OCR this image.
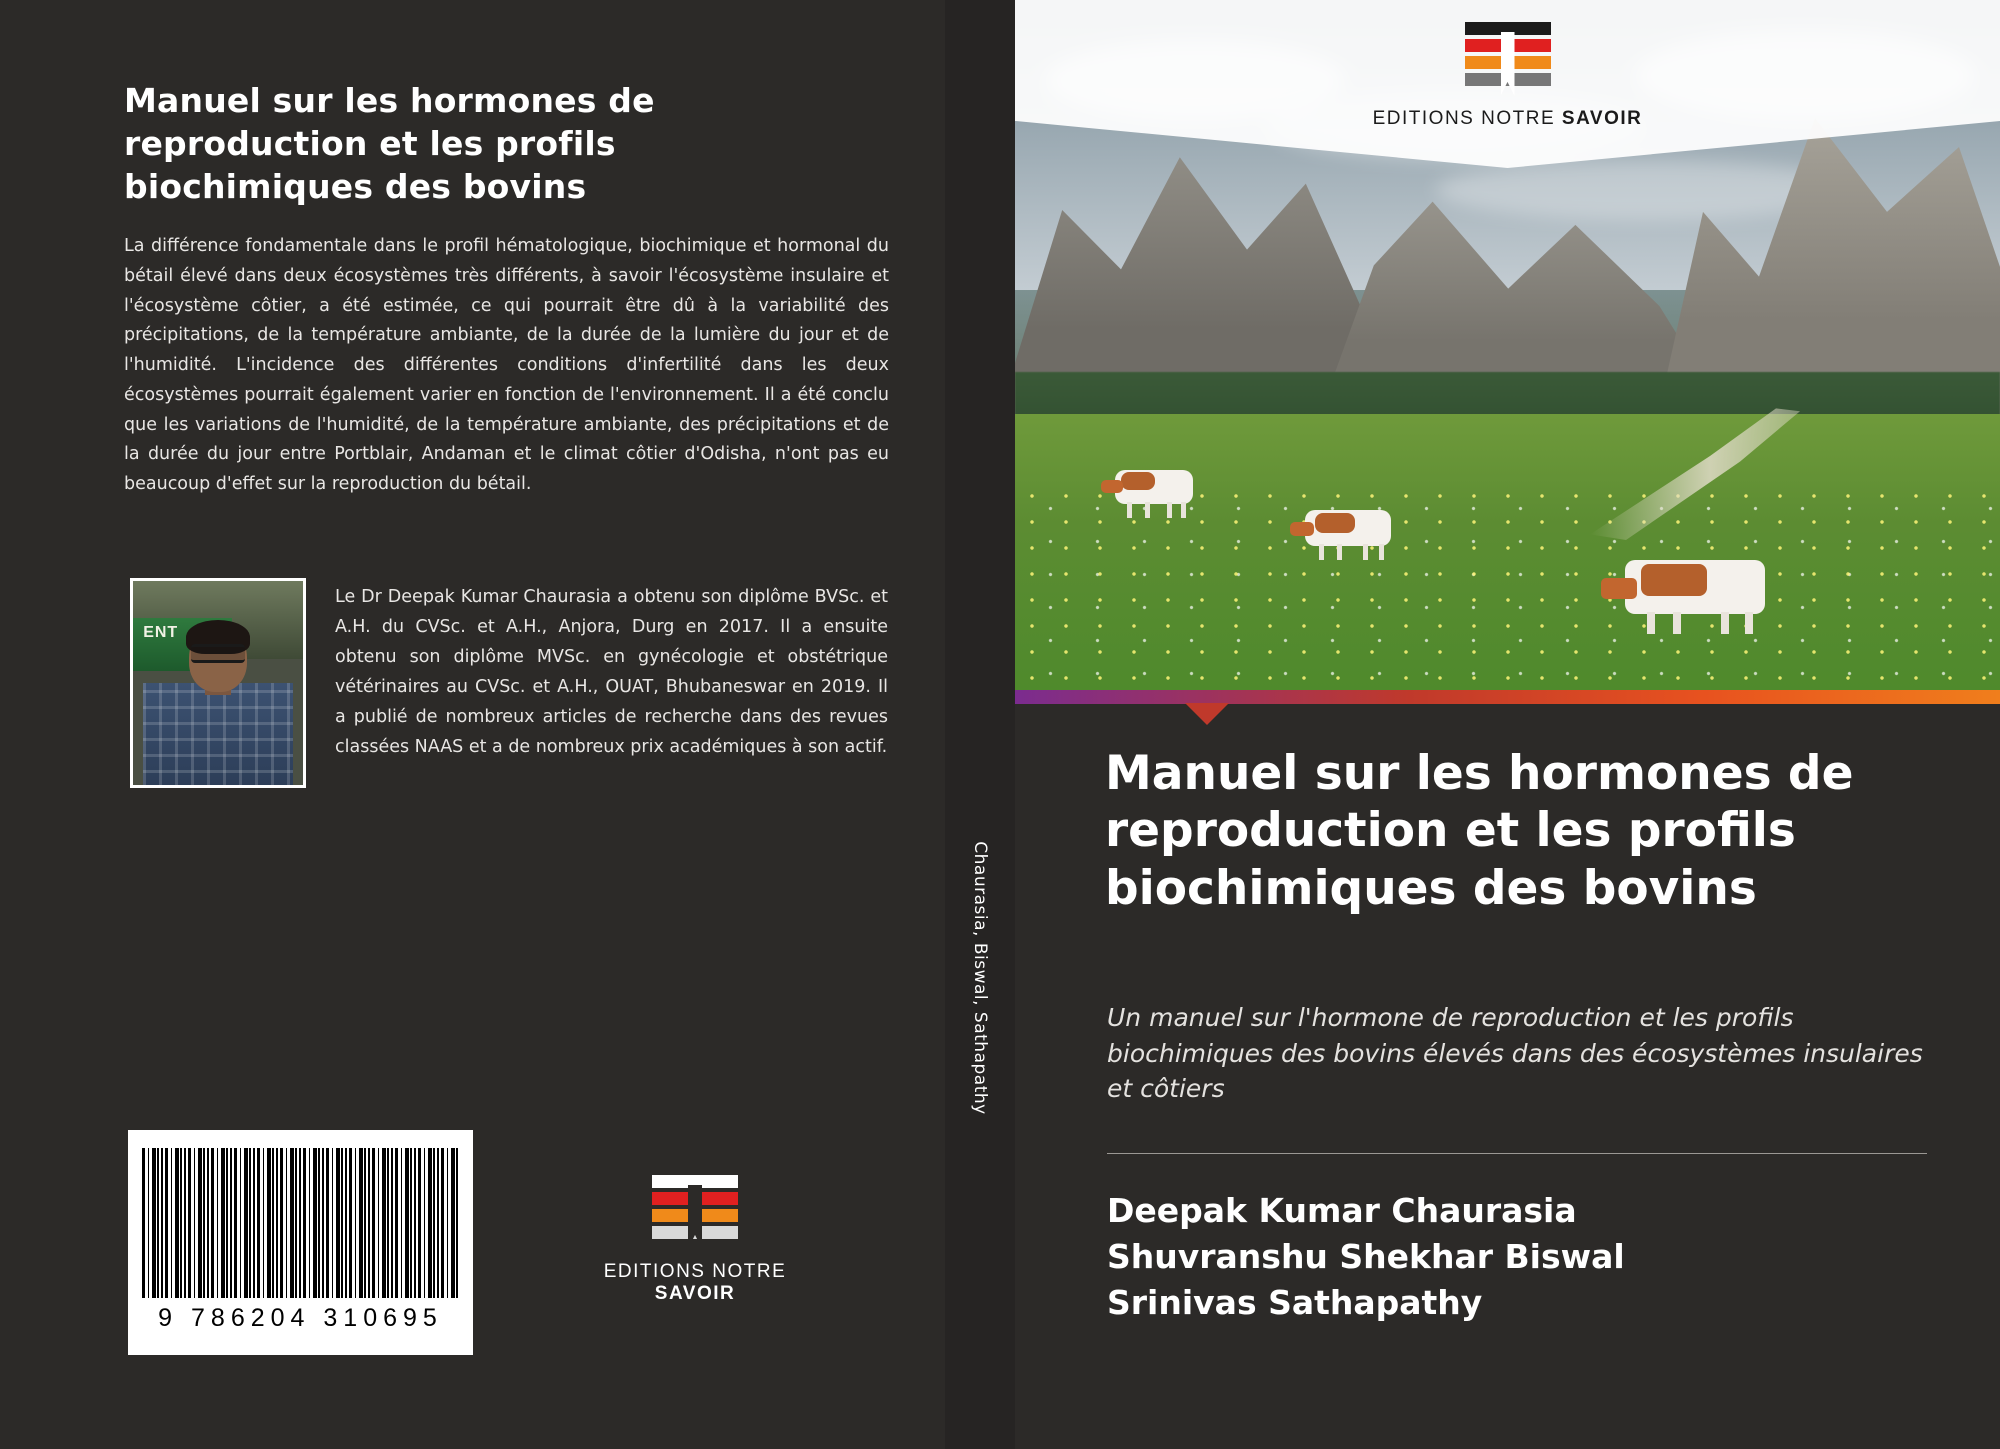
Manuel sur les hormones de reproduction et les profils biochimiques des bovins
La différence fondamentale dans le profil hématologique, biochimique et hormonal du bétail élevé dans deux écosystèmes très différents, à savoir l'écosystème insulaire et l'écosystème côtier, a été estimée, ce qui pourrait être dû à la variabilité des précipitations, de la température ambiante, de la durée de la lumière du jour et de l'humidité. L'incidence des différentes conditions d'infertilité dans les deux écosystèmes pourrait également varier en fonction de l'environnement. Il a été conclu que les variations de l'humidité, de la température ambiante, des précipitations et de la durée du jour entre Portblair, Andaman et le climat côtier d'Odisha, n'ont pas eu beaucoup d'effet sur la reproduction du bétail.
ENT
Le Dr Deepak Kumar Chaurasia a obtenu son diplôme BVSc. et A.H. du CVSc. et A.H., Anjora, Durg en 2017. Il a ensuite obtenu son diplôme MVSc. en gynécologie et obstétrique vétérinaires au CVSc. et A.H., OUAT, Bhubaneswar en 2019. Il a publié de nombreux articles de recherche dans des revues classées NAAS et a de nombreux prix académiques à son actif.
9 786204 310695
EDITIONS NOTRE SAVOIR
Chaurasia, Biswal, Sathapathy
EDITIONS NOTRE SAVOIR
Manuel sur les hormones de reproduction et les profils biochimiques des bovins
Un manuel sur l'hormone de reproduction et les profils biochimiques des bovins élevés dans des écosystèmes insulaires et côtiers
Deepak Kumar Chaurasia
Shuvranshu Shekhar Biswal
Srinivas Sathapathy
